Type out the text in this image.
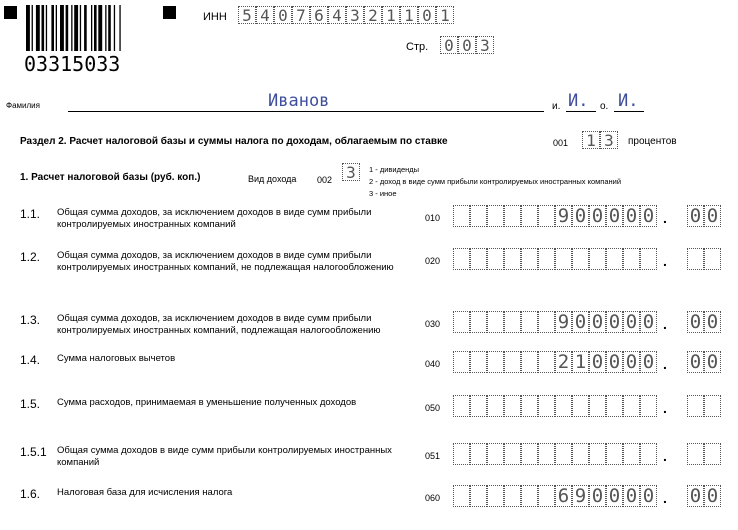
03315033
ИНН 5 4 0 7 6 4 3 2 1 1 0 1
Стр. 0 0 3
Фамилия	Иванов	и. И. о. И.
Раздел 2. Расчет налоговой базы и суммы налога по доходам, облагаемым по ставке	001 1 3	процентов
1. Расчет налоговой базы (руб. коп.)	Вид дохода 002 3	1 - дивиденды
2 - доход в виде сумм прибыли контролируемых иностранных компаний
3 - иное
1.1. Общая сумма доходов, за исключением доходов в виде сумм прибыли контролируемых иностранных компаний
010	9 0 0 0 0 0 . 0 0
1.2. Общая сумма доходов, за исключением доходов в виде сумм прибыли контролируемых иностранных компаний, не подлежащая налогообложению
020	.
1.3. Общая сумма доходов, за исключением доходов в виде сумм прибыли контролируемых иностранных компаний, подлежащая налогообложению
030	9 0 0 0 0 0 . 0 0
1.4. Сумма налоговых вычетов	040	2 1 0 0 0 0 . 0 0
1.5. Сумма расходов, принимаемая в уменьшение полученных доходов	050	.
1.5.1 Общая сумма доходов в виде сумм прибыли контролируемых иностранных компаний
051	.
1.6. Налоговая база для исчисления налога	060	6 9 0 0 0 0 . 0 0
